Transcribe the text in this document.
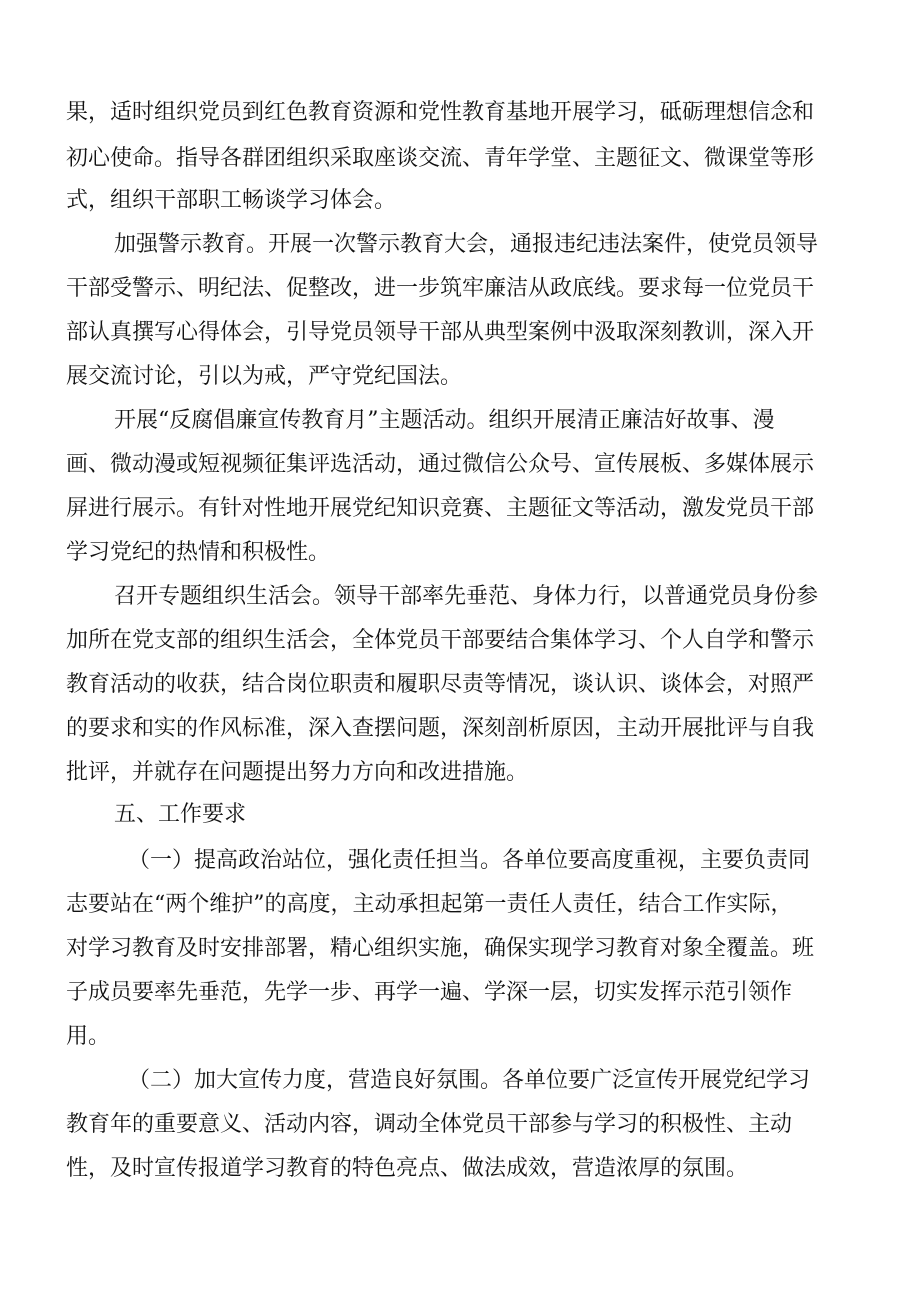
果，适时组织党员到红色教育资源和党性教育基地开展学习，砥砺理想信念和
初心使命。指导各群团组织采取座谈交流、青年学堂、主题征文、微课堂等形
式，组织干部职工畅谈学习体会。
加强警示教育。开展一次警示教育大会，通报违纪违法案件，使党员领导
干部受警示、明纪法、促整改，进一步筑牢廉洁从政底线。要求每一位党员干
部认真撰写心得体会，引导党员领导干部从典型案例中汲取深刻教训，深入开
展交流讨论，引以为戒，严守党纪国法。
开展“反腐倡廉宣传教育月”主题活动。组织开展清正廉洁好故事、漫
画、微动漫或短视频征集评选活动，通过微信公众号、宣传展板、多媒体展示
屏进行展示。有针对性地开展党纪知识竞赛、主题征文等活动，激发党员干部
学习党纪的热情和积极性。
召开专题组织生活会。领导干部率先垂范、身体力行，以普通党员身份参
加所在党支部的组织生活会，全体党员干部要结合集体学习、个人自学和警示
教育活动的收获，结合岗位职责和履职尽责等情况，谈认识、谈体会，对照严
的要求和实的作风标准，深入查摆问题，深刻剖析原因，主动开展批评与自我
批评，并就存在问题提出努力方向和改进措施。
五、工作要求
（一）提高政治站位，强化责任担当。各单位要高度重视，主要负责同
志要站在“两个维护”的高度，主动承担起第一责任人责任，结合工作实际，
对学习教育及时安排部署，精心组织实施，确保实现学习教育对象全覆盖。班
子成员要率先垂范，先学一步、再学一遍、学深一层，切实发挥示范引领作
用。
（二）加大宣传力度，营造良好氛围。各单位要广泛宣传开展党纪学习
教育年的重要意义、活动内容，调动全体党员干部参与学习的积极性、主动
性，及时宣传报道学习教育的特色亮点、做法成效，营造浓厚的氛围。
